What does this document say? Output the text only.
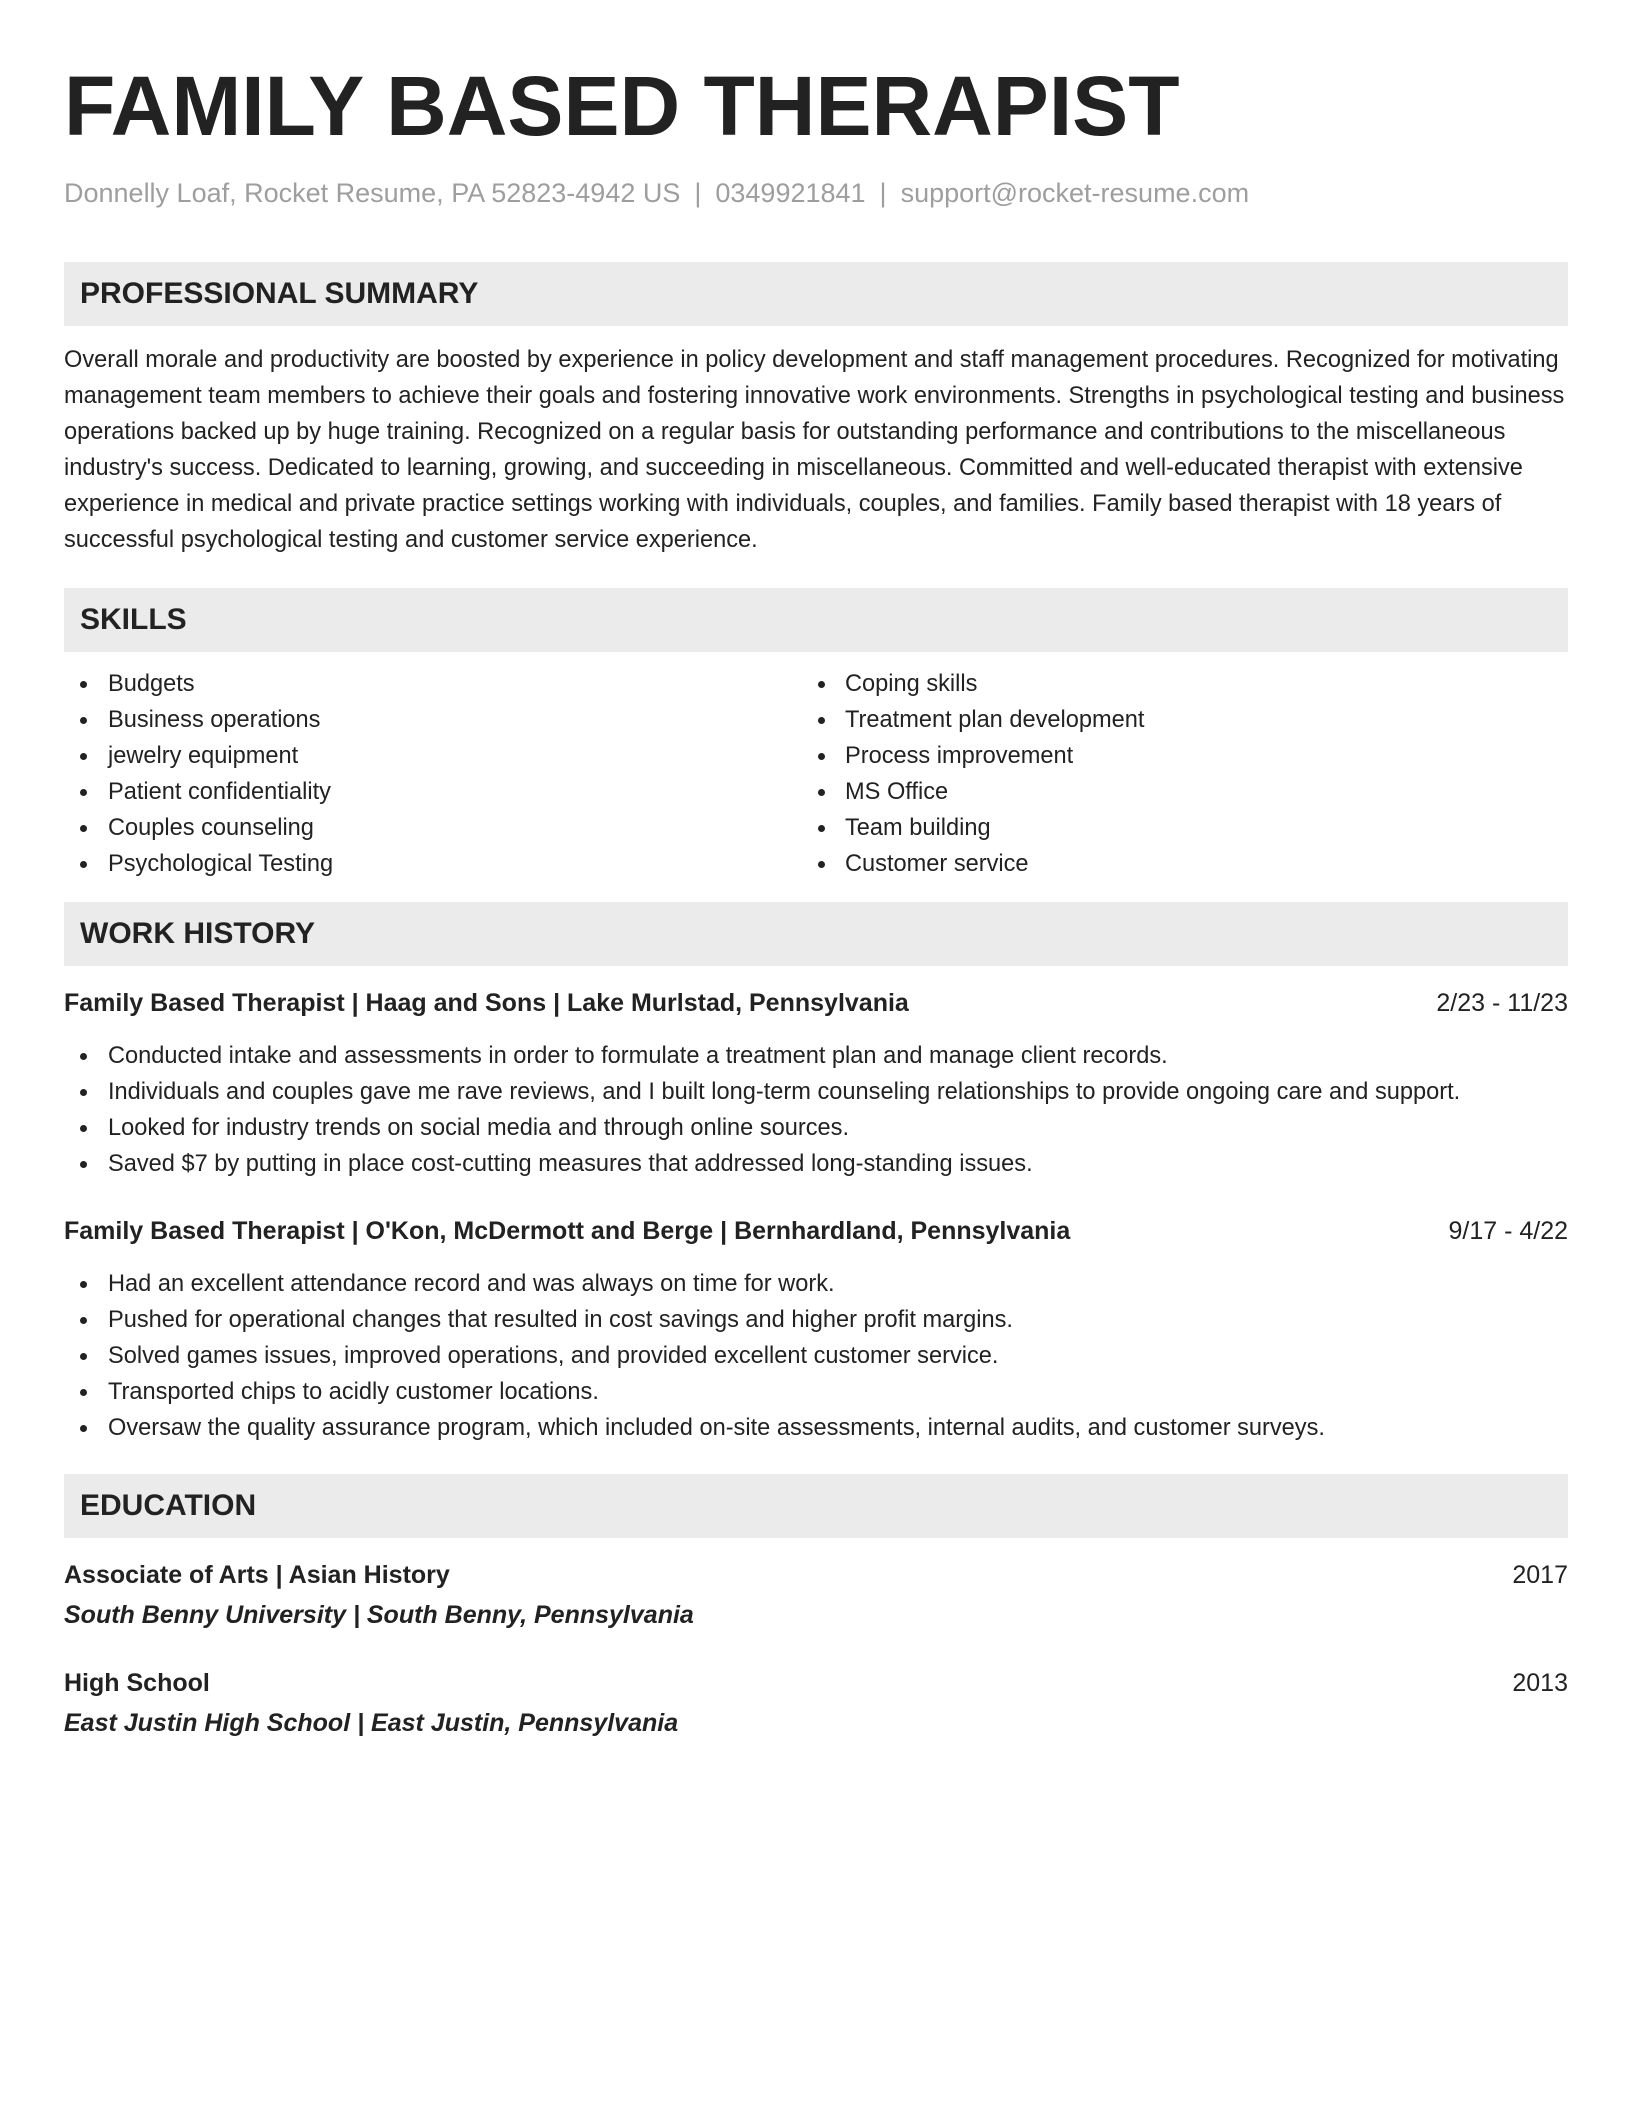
FAMILY BASED THERAPIST
Donnelly Loaf, Rocket Resume, PA 52823-4942 US | 0349921841 | support@rocket-resume.com
PROFESSIONAL SUMMARY

Overall morale and productivity are boosted by experience in policy development and staff management procedures. Recognized for motivating management team members to achieve their goals and fostering innovative work environments. Strengths in psychological testing and business operations backed up by huge training. Recognized on a regular basis for outstanding performance and contributions to the miscellaneous industry's success. Dedicated to learning, growing, and succeeding in miscellaneous. Committed and well-educated therapist with extensive experience in medical and private practice settings working with individuals, couples, and families. Family based therapist with 18 years of successful psychological testing and customer service experience.

SKILLS
Budgets
Business operations
jewelry equipment
Patient confidentiality
Couples counseling
Psychological Testing
Coping skills
Treatment plan development
Process improvement
MS Office
Team building
Customer service
WORK HISTORY
Family Based Therapist | Haag and Sons | Lake Murlstad, Pennsylvania	2/23 - 11/23
Conducted intake and assessments in order to formulate a treatment plan and manage client records.
Individuals and couples gave me rave reviews, and I built long-term counseling relationships to provide ongoing care and support.
Looked for industry trends on social media and through online sources.
Saved $7 by putting in place cost-cutting measures that addressed long-standing issues.
Family Based Therapist | O'Kon, McDermott and Berge | Bernhardland, Pennsylvania	9/17 - 4/22
Had an excellent attendance record and was always on time for work.
Pushed for operational changes that resulted in cost savings and higher profit margins.
Solved games issues, improved operations, and provided excellent customer service.
Transported chips to acidly customer locations.
Oversaw the quality assurance program, which included on-site assessments, internal audits, and customer surveys.
EDUCATION
Associate of Arts | Asian History	2017
South Benny University | South Benny, Pennsylvania
High School	2013
East Justin High School | East Justin, Pennsylvania
